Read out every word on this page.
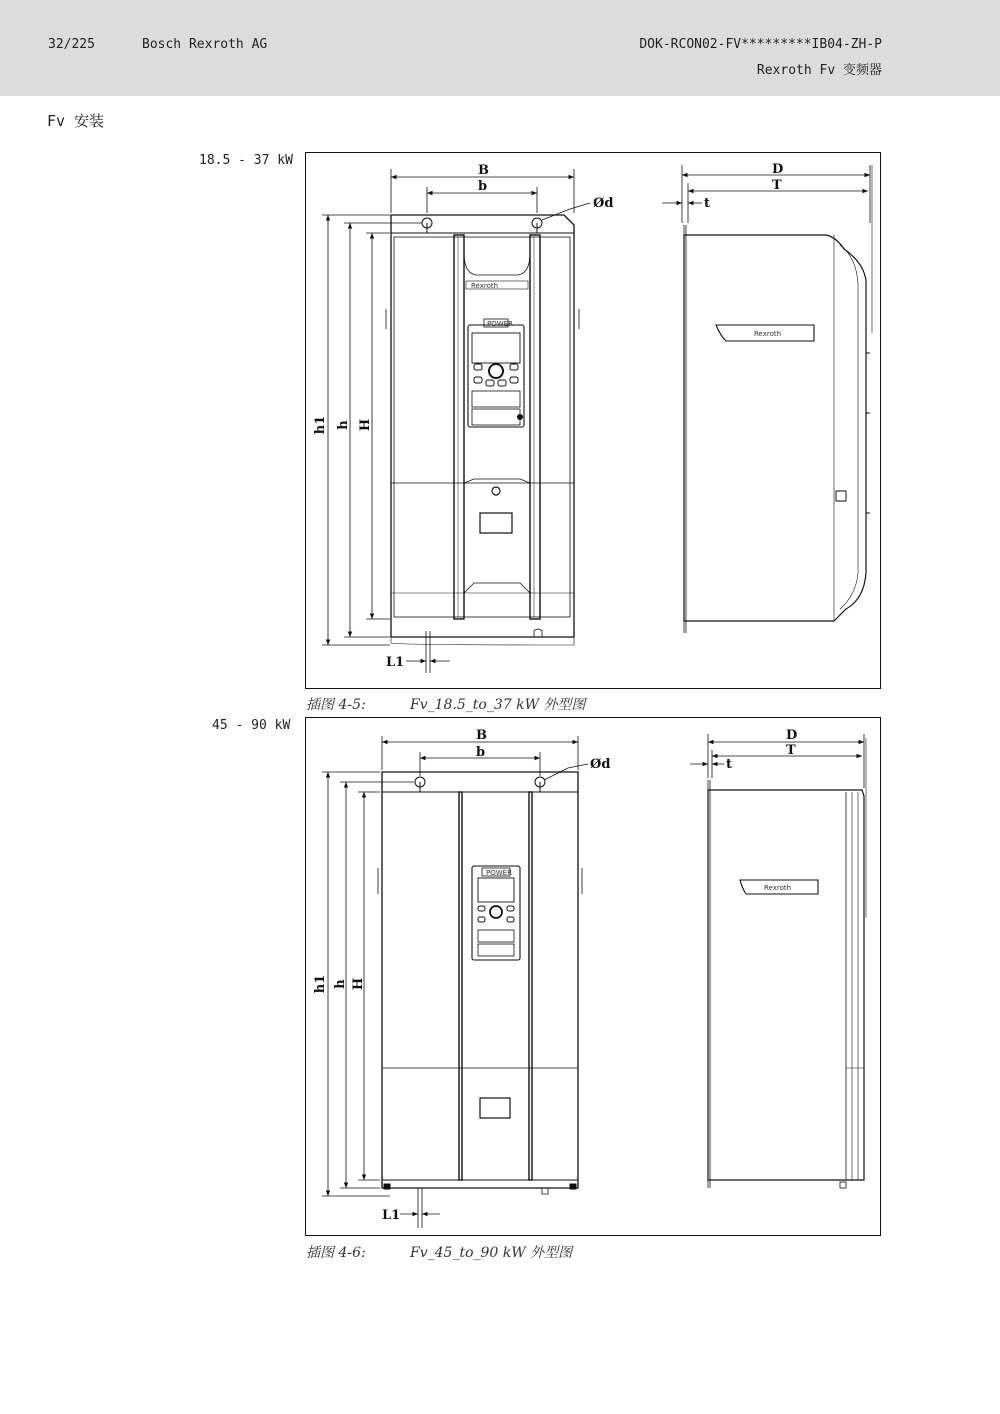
32/225	Bosch Rexroth AG	DOK-RCON02-FV*********IB04-ZH-P
Rexroth Fv 变频器
Fv 安装
18.5 - 37 kW
45 - 90 kW
B
b
Ød
D
T
t
L1
h1 h H
Rexroth
Rexroth
POWER
插图 4-5:	Fv_18.5_to_37 kW 外型图
B
b
Ød
D
T
t
L1
h1 h H
Rexroth
POWER
插图 4-6:	Fv_45_to_90 kW 外型图
